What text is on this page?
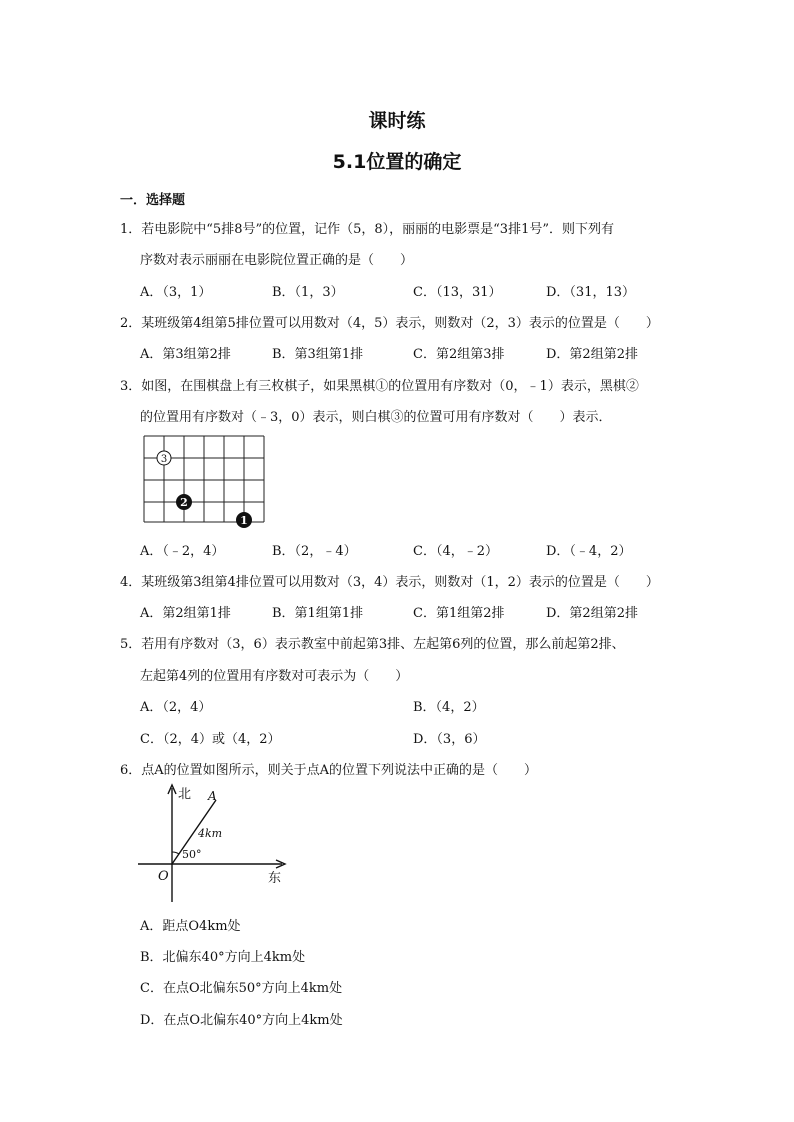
课时练
5.1位置的确定
一．选择题
1．若电影院中“5排8号”的位置，记作（5，8），丽丽的电影票是“3排1号”．则下列有
序数对表示丽丽在电影院位置正确的是（　　）
A．（3，1）	B．（1，3）	C．（13，31）	D．（31，13）
2．某班级第4组第5排位置可以用数对（4，5）表示，则数对（2，3）表示的位置是（　　）
A．第3组第2排	B．第3组第1排	C．第2组第3排	D．第2组第2排
3．如图，在围棋盘上有三枚棋子，如果黑棋①的位置用有序数对（0，﹣1）表示，黑棋②
的位置用有序数对（﹣3，0）表示，则白棋③的位置可用有序数对（　　）表示．
3
2
1
A．（﹣2，4）	B．（2，﹣4）	C．（4，﹣2）	D．（﹣4，2）
4．某班级第3组第4排位置可以用数对（3，4）表示，则数对（1，2）表示的位置是（　　）
A．第2组第1排	B．第1组第1排	C．第1组第2排	D．第2组第2排
5．若用有序数对（3，6）表示教室中前起第3排、左起第6列的位置，那么前起第2排、
左起第4列的位置用有序数对可表示为（　　）
A．（2，4）	B．（4，2）
C．（2，4）或（4，2）	D．（3，6）
6．点A的位置如图所示，则关于点A的位置下列说法中正确的是（　　）
北
东
O
A
4km
50°
A．距点O4km处
B．北偏东40°方向上4km处
C．在点O北偏东50°方向上4km处
D．在点O北偏东40°方向上4km处
